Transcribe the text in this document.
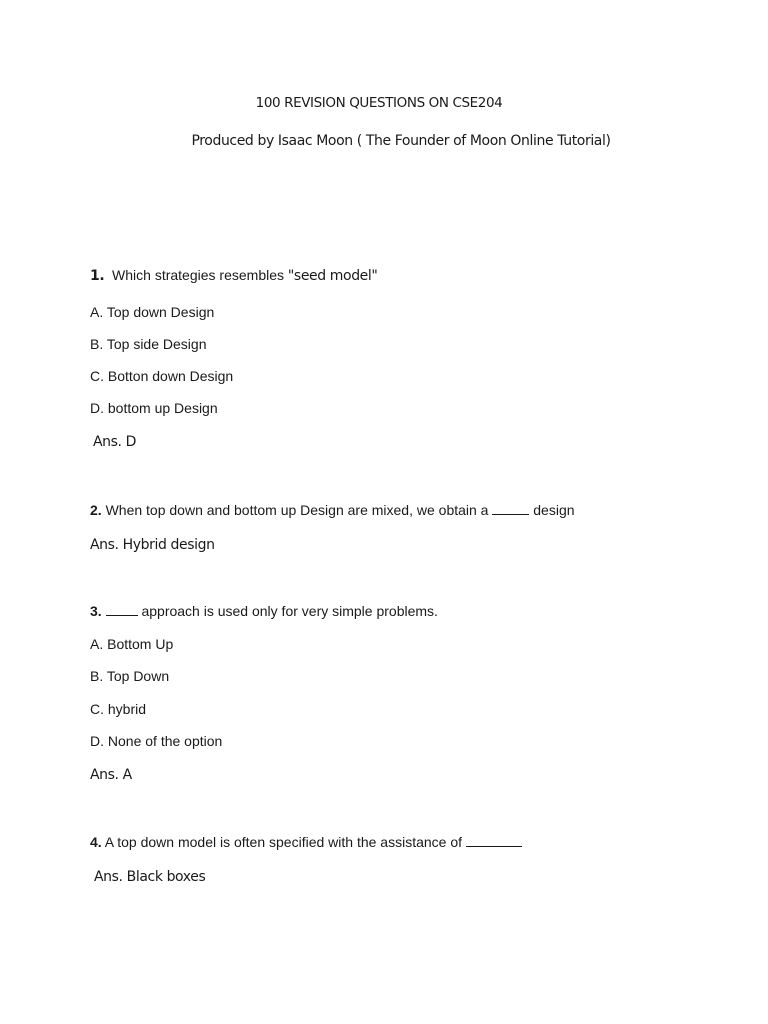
100 REVISION QUESTIONS ON CSE204
Produced by Isaac Moon ( The Founder of Moon Online Tutorial)
1. Which strategies resembles "seed model"
A. Top down Design
B. Top side Design
C. Botton down Design
D. bottom up Design
Ans. D
2. When top down and bottom up Design are mixed, we obtain a	design
Ans. Hybrid design
3.	approach is used only for very simple problems.
A. Bottom Up
B. Top Down
C. hybrid
D. None of the option
Ans. A
4. A top down model is often specified with the assistance of
Ans. Black boxes
